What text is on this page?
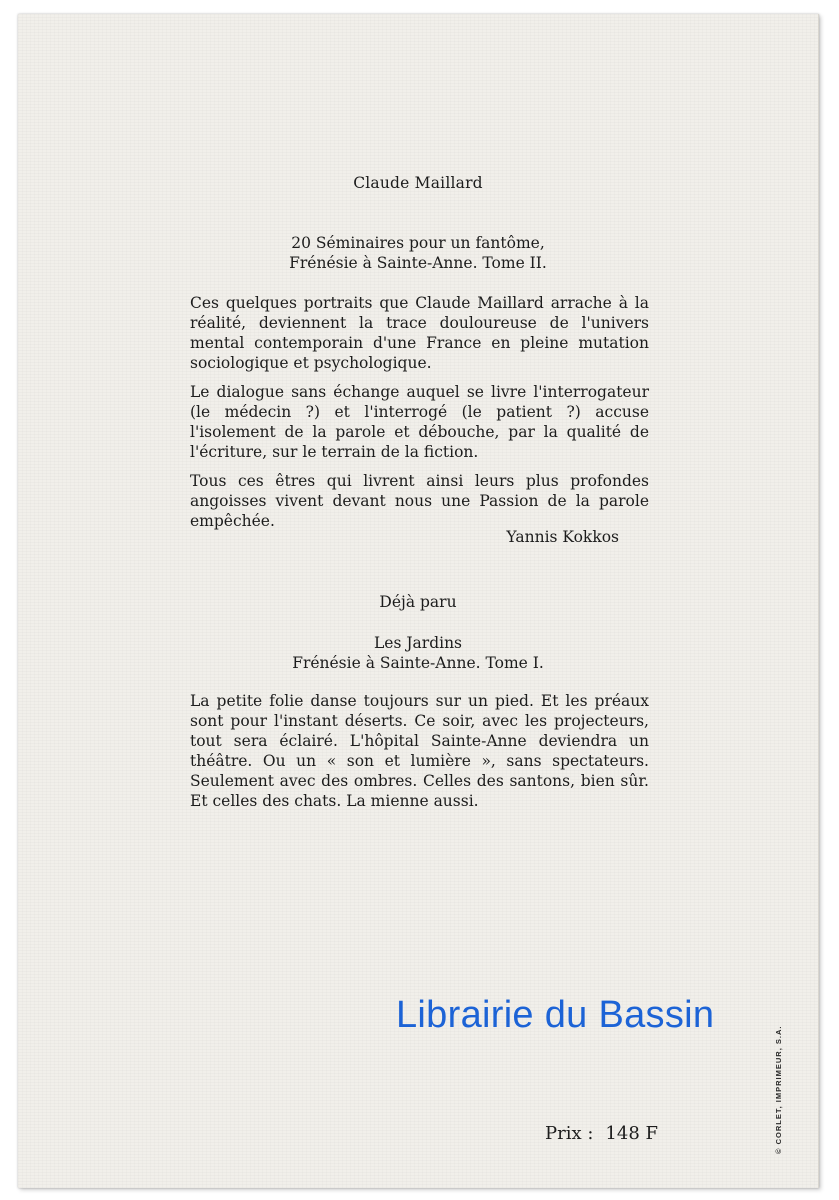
Claude Maillard

20 Séminaires pour un fantôme,
Frénésie à Sainte-Anne. Tome II.

Ces quelques portraits que Claude Maillard arrache à la réalité, deviennent la trace douloureuse de l'univers mental contemporain d'une France en pleine mutation sociologique et psychologique.

Le dialogue sans échange auquel se livre l'interrogateur (le médecin ?) et l'interrogé (le patient ?) accuse l'isolement de la parole et débouche, par la qualité de l'écriture, sur le terrain de la fiction.

Tous ces êtres qui livrent ainsi leurs plus profondes angoisses vivent devant nous une Passion de la parole empêchée.

Yannis Kokkos

Déjà paru

Les Jardins
Frénésie à Sainte-Anne. Tome I.

La petite folie danse toujours sur un pied. Et les préaux sont pour l'instant déserts. Ce soir, avec les projecteurs, tout sera éclairé. L'hôpital Sainte-Anne deviendra un théâtre. Ou un « son et lumière », sans spectateurs. Seulement avec des ombres. Celles des santons, bien sûr. Et celles des chats. La mienne aussi.

Prix : 148 F

Librairie du Bassin

© CORLET, IMPRIMEUR, S.A.
